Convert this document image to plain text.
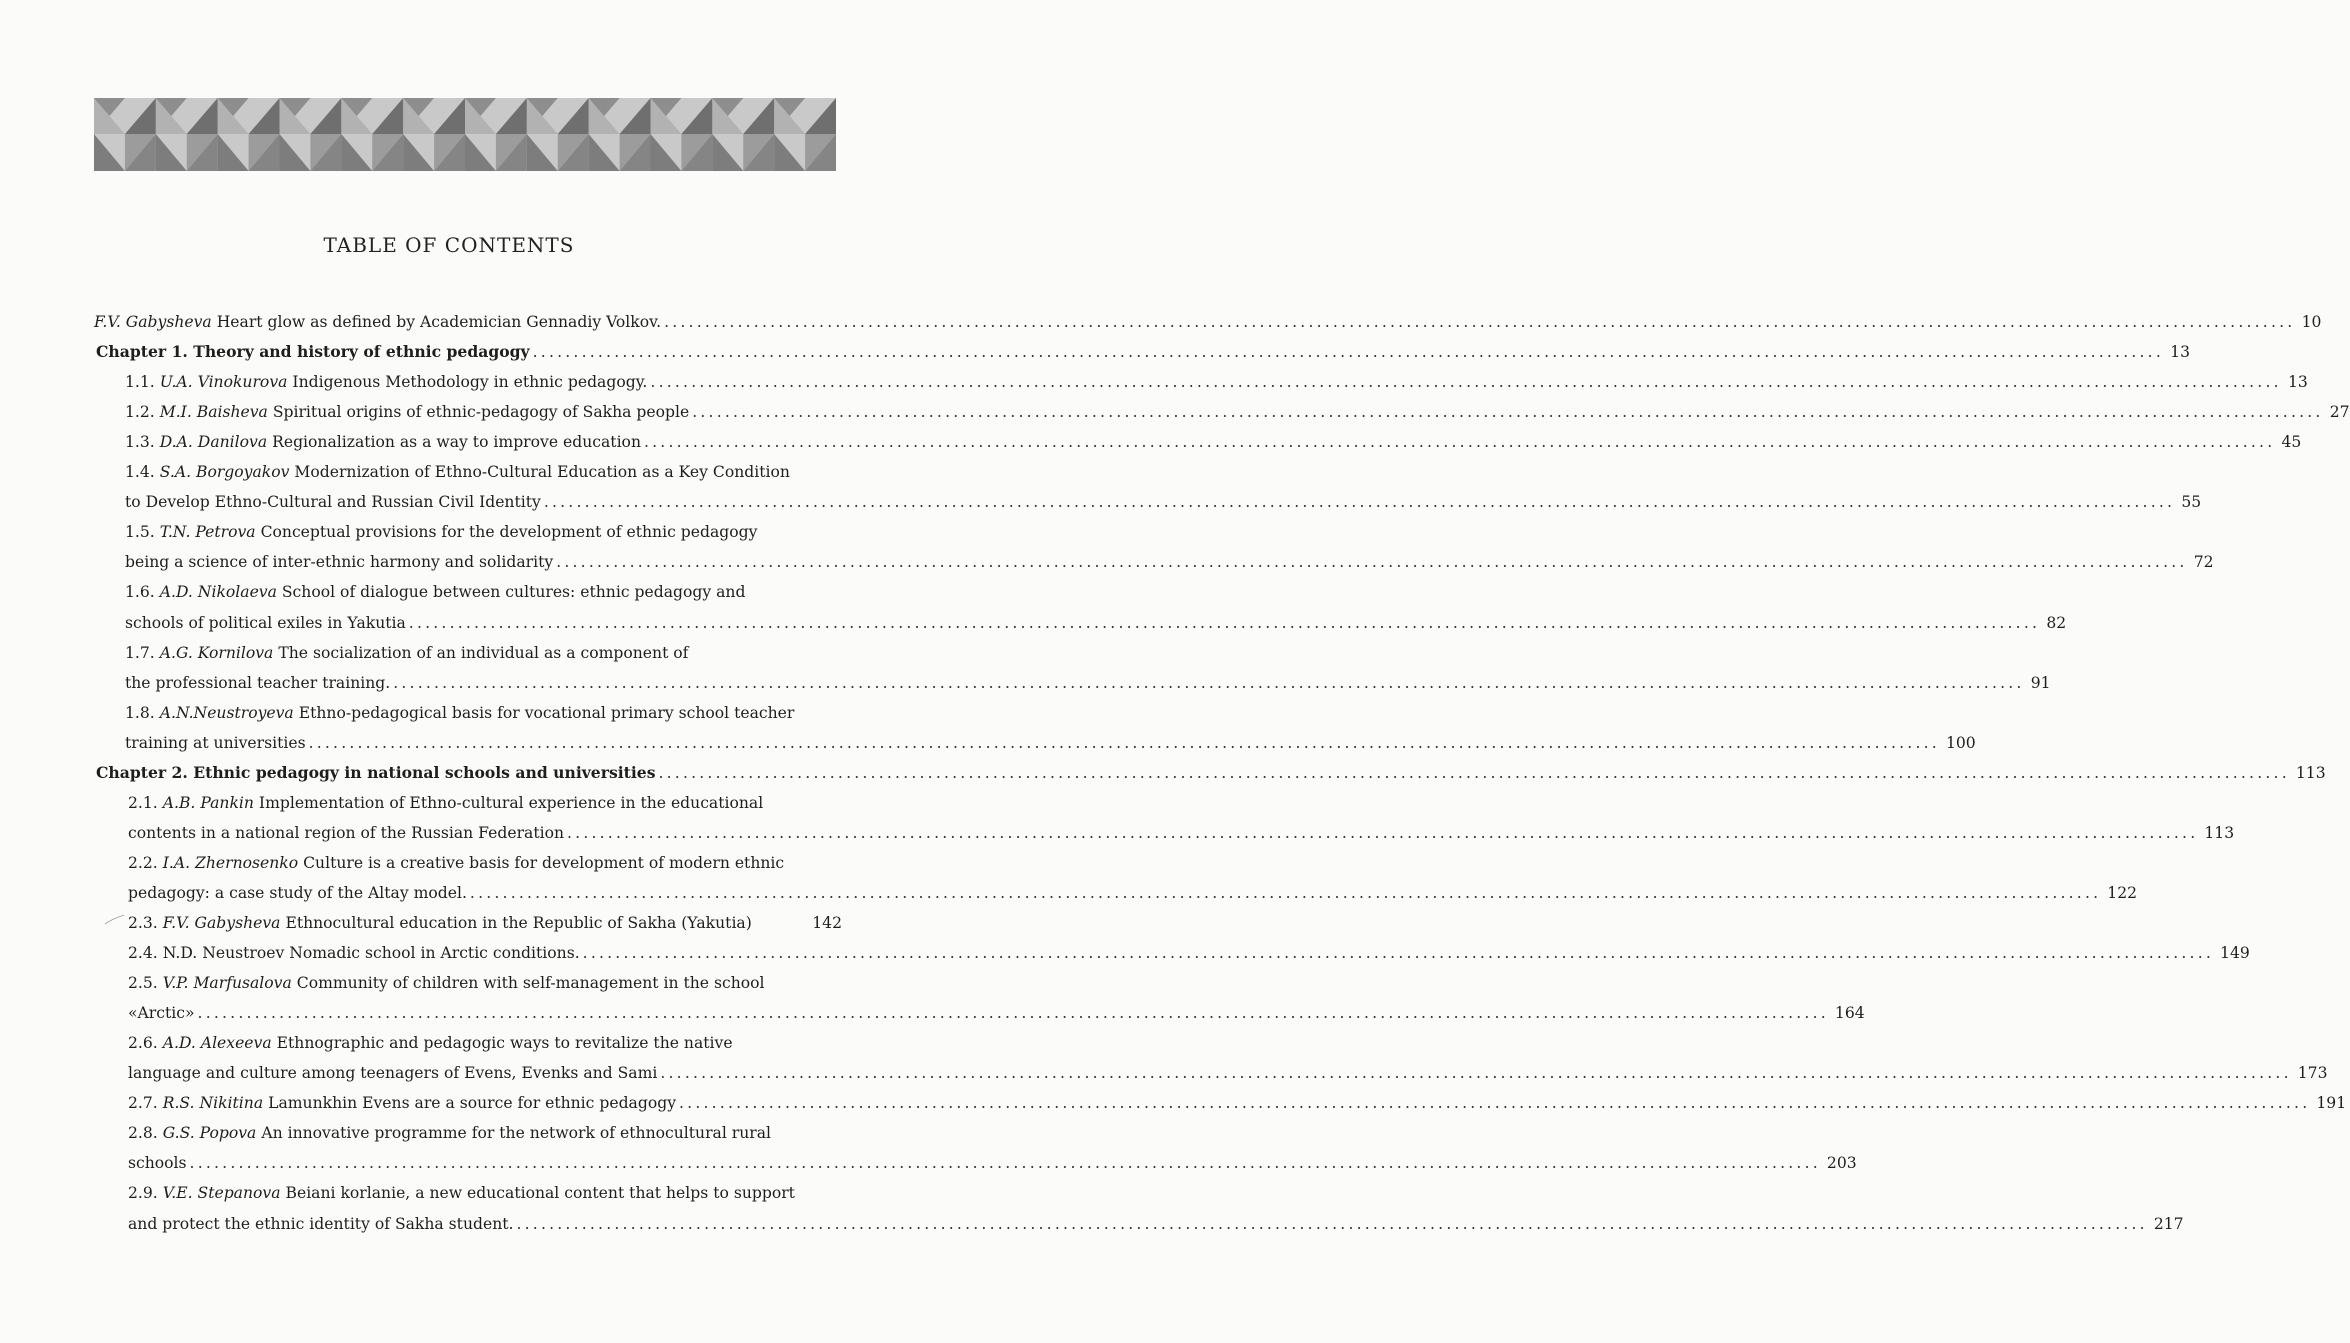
TABLE OF CONTENTS
F.V. Gabysheva Heart glow as defined by Academician Gennadiy Volkov. ........................................................................................................................................................................................................ 10
Chapter 1. Theory and history of ethnic pedagogy ........................................................................................................................................................................................................ 13
1.1. U.A. Vinokurova Indigenous Methodology in ethnic pedagogy. ........................................................................................................................................................................................................ 13
1.2. M.I. Baisheva Spiritual origins of ethnic-pedagogy of Sakha people ........................................................................................................................................................................................................ 27
1.3. D.A. Danilova Regionalization as a way to improve education ........................................................................................................................................................................................................ 45
1.4. S.A. Borgoyakov Modernization of Ethno-Cultural Education as a Key Condition
to Develop Ethno-Cultural and Russian Civil Identity ........................................................................................................................................................................................................ 55
1.5. T.N. Petrova Conceptual provisions for the development of ethnic pedagogy
being a science of inter-ethnic harmony and solidarity ........................................................................................................................................................................................................ 72
1.6. A.D. Nikolaeva School of dialogue between cultures: ethnic pedagogy and
schools of political exiles in Yakutia ........................................................................................................................................................................................................ 82
1.7. A.G. Kornilova The socialization of an individual as a component of
the professional teacher training. ........................................................................................................................................................................................................ 91
1.8. A.N.Neustroyeva Ethno-pedagogical basis for vocational primary school teacher
training at universities ........................................................................................................................................................................................................ 100
Chapter 2. Ethnic pedagogy in national schools and universities ........................................................................................................................................................................................................ 113
2.1. A.B. Pankin Implementation of Ethno-cultural experience in the educational
contents in a national region of the Russian Federation ........................................................................................................................................................................................................ 113
2.2. I.A. Zhernosenko Culture is a creative basis for development of modern ethnic
pedagogy: a case study of the Altay model. ........................................................................................................................................................................................................ 122
2.3. F.V. Gabysheva Ethnocultural education in the Republic of Sakha (Yakutia)	142
2.4. N.D. Neustroev Nomadic school in Arctic conditions. ........................................................................................................................................................................................................ 149
2.5. V.P. Marfusalova Community of children with self-management in the school
«Arctic» ........................................................................................................................................................................................................ 164
2.6. A.D. Alexeeva Ethnographic and pedagogic ways to revitalize the native
language and culture among teenagers of Evens, Evenks and Sami ........................................................................................................................................................................................................ 173
2.7. R.S. Nikitina Lamunkhin Evens are a source for ethnic pedagogy ........................................................................................................................................................................................................ 191
2.8. G.S. Popova An innovative programme for the network of ethnocultural rural
schools ........................................................................................................................................................................................................ 203
2.9. V.E. Stepanova Beiani korlanie, a new educational content that helps to support
and protect the ethnic identity of Sakha student. ........................................................................................................................................................................................................ 217
